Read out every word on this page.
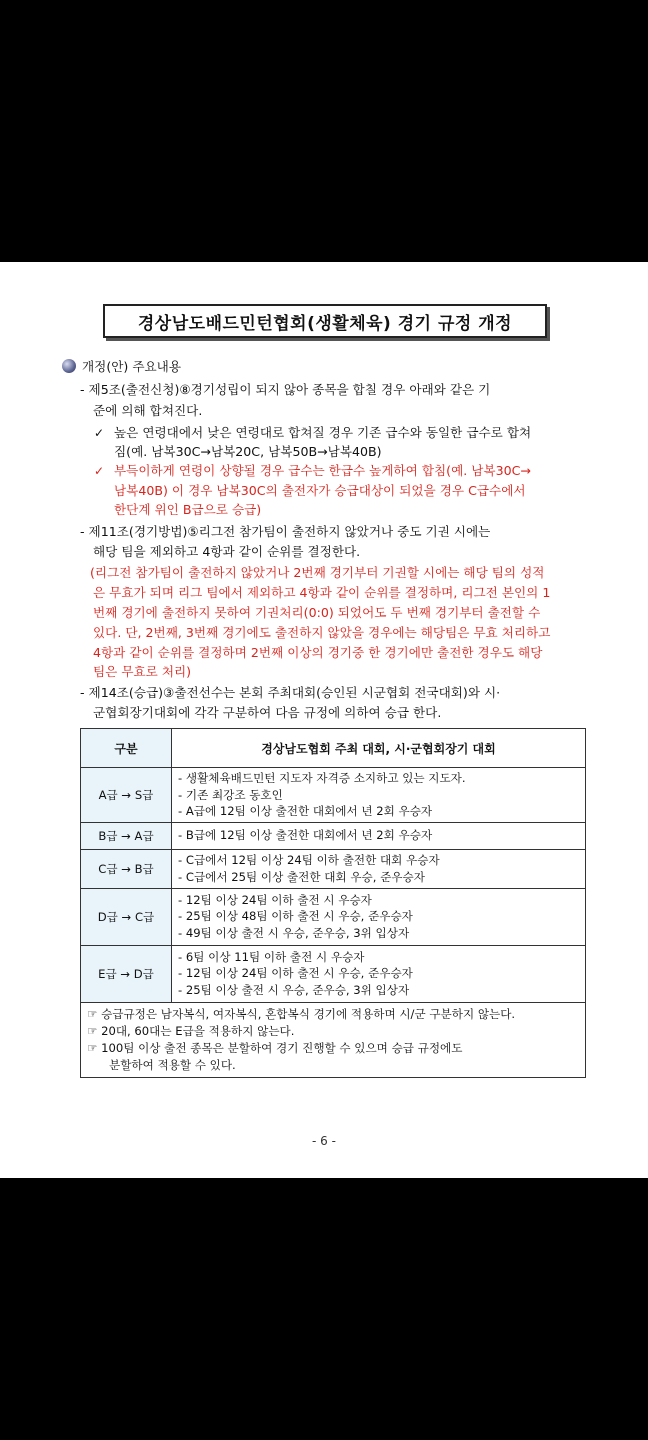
경상남도배드민턴협회(생활체육) 경기 규정 개정
개정(안) 주요내용
- 제5조(출전신청)⑧경기성립이 되지 않아 종목을 합칠 경우 아래와 같은 기
준에 의해 합쳐진다.
✓ 높은 연령대에서 낮은 연령대로 합쳐질 경우 기존 급수와 동일한 급수로 합쳐
짐(예. 남복30C→남복20C, 남복50B→남복40B)
✓ 부득이하게 연령이 상향될 경우 급수는 한급수 높게하여 합침(예. 남복30C→
남복40B) 이 경우 남복30C의 출전자가 승급대상이 되었을 경우 C급수에서
한단계 위인 B급으로 승급)
- 제11조(경기방법)⑤리그전 참가팀이 출전하지 않았거나 중도 기권 시에는
해당 팀을 제외하고 4항과 같이 순위를 결정한다.
(리그전 참가팀이 출전하지 않았거나 2번째 경기부터 기권할 시에는 해당 팀의 성적
은 무효가 되며 리그 팀에서 제외하고 4항과 같이 순위를 결정하며, 리그전 본인의 1
번째 경기에 출전하지 못하여 기권처리(0:0) 되었어도 두 번째 경기부터 출전할 수
있다. 단, 2번째, 3번째 경기에도 출전하지 않았을 경우에는 해당팀은 무효 처리하고
4항과 같이 순위를 결정하며 2번째 이상의 경기중 한 경기에만 출전한 경우도 해당
팀은 무효로 처리)
- 제14조(승급)③출전선수는 본회 주최대회(승인된 시군협회 전국대회)와 시·
군협회장기대회에 각각 구분하여 다음 규정에 의하여 승급 한다.
구분	경상남도협회 주최 대회, 시·군협회장기 대회
A급 → S급	- 생활체육배드민턴 지도자 자격증 소지하고 있는 지도자.
- 기존 최강조 동호인
- A급에 12팀 이상 출전한 대회에서 년 2회 우승자

B급 → A급	- B급에 12팀 이상 출전한 대회에서 년 2회 우승자

C급 → B급	- C급에서 12팀 이상 24팀 이하 출전한 대회 우승자
- C급에서 25팀 이상 출전한 대회 우승, 준우승자

D급 → C급	- 12팀 이상 24팀 이하 출전 시 우승자
- 25팀 이상 48팀 이하 출전 시 우승, 준우승자
- 49팀 이상 출전 시 우승, 준우승, 3위 입상자

E급 → D급	- 6팀 이상 11팀 이하 출전 시 우승자
- 12팀 이상 24팀 이하 출전 시 우승, 준우승자
- 25팀 이상 출전 시 우승, 준우승, 3위 입상자

☞ 승급규정은 남자복식, 여자복식, 혼합복식 경기에 적용하며 시/군 구분하지 않는다.
☞ 20대, 60대는 E급을 적용하지 않는다.
☞ 100팀 이상 출전 종목은 분할하여 경기 진행할 수 있으며 승급 규정에도
분할하여 적용할 수 있다.	
- 6 -
